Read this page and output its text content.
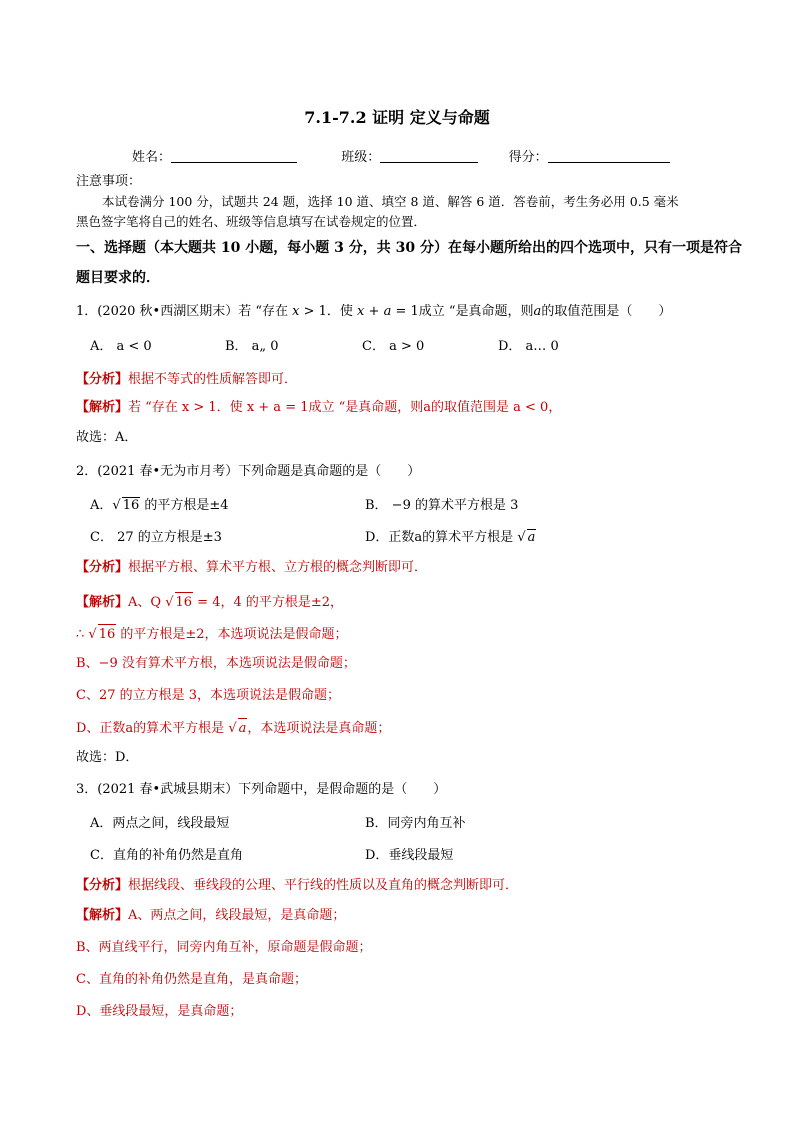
7.1-7.2 证明 定义与命题
姓名：	班级：	得分：
注意事项：
本试卷满分 100 分，试题共 24 题，选择 10 道、填空 8 道、解答 6 道．答卷前，考生务必用 0.5 毫米
黑色签字笔将自己的姓名、班级等信息填写在试卷规定的位置．
一、选择题（本大题共 10 小题，每小题 3 分，共 30 分）在每小题所给出的四个选项中，只有一项是符合
题目要求的．
1．(2020 秋•西湖区期末）若 “存在 x > 1．使 x + a = 1成立 “是真命题，则a的取值范围是（　　）
A． a < 0	B． a„ 0	C． a > 0	D． a… 0
【分析】根据不等式的性质解答即可．
【解析】若 “存在 x > 1．使 x + a = 1成立 “是真命题，则a的取值范围是 a < 0，
故选：A．
2．(2021 春•无为市月考）下列命题是真命题的是（　　）
A．√ 16 的平方根是±4	B． −9 的算术平方根是 3
C． 27 的立方根是±3	D．正数a的算术平方根是 √ a
【分析】根据平方根、算术平方根、立方根的概念判断即可．
【解析】A、Q √ 16 = 4，4 的平方根是±2，
∴ √ 16 的平方根是±2，本选项说法是假命题；
B、−9 没有算术平方根，本选项说法是假命题；
C、27 的立方根是 3，本选项说法是假命题；
D、正数a的算术平方根是 √ a，本选项说法是真命题；
故选：D．
3．(2021 春•武城县期末）下列命题中，是假命题的是（　　）
A．两点之间，线段最短	B．同旁内角互补
C．直角的补角仍然是直角	D．垂线段最短
【分析】根据线段、垂线段的公理、平行线的性质以及直角的概念判断即可．
【解析】A、两点之间，线段最短，是真命题；
B、两直线平行，同旁内角互补，原命题是假命题；
C、直角的补角仍然是直角，是真命题；
D、垂线段最短，是真命题；
